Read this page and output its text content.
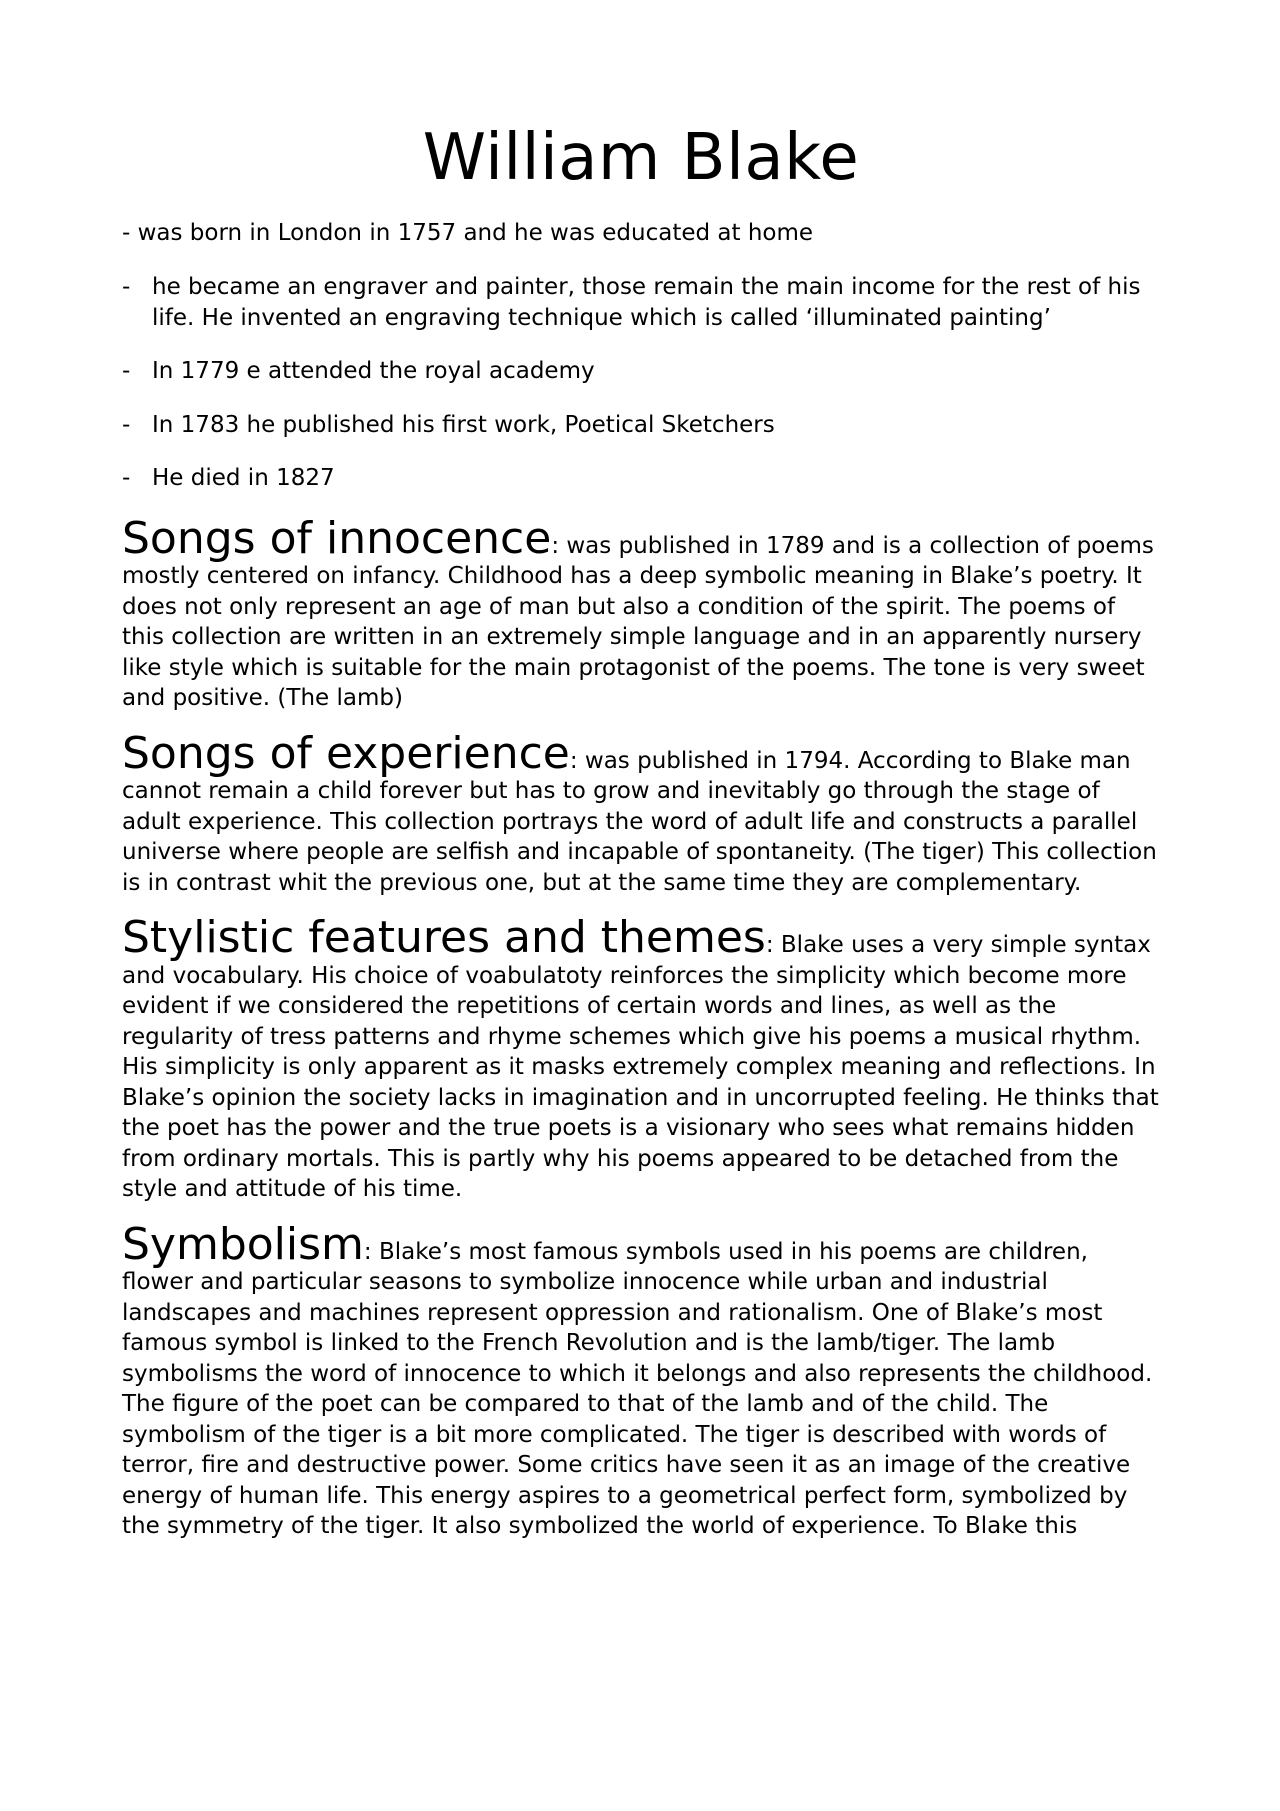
William Blake

- was born in London in 1757 and he was educated at home

- he became an engraver and painter, those remain the main income for the rest of his life. He invented an engraving technique which is called ‘illuminated painting’
- In 1779 e attended the royal academy
- In 1783 he published his first work, Poetical Sketchers
- He died in 1827

Songs of innocence: was published in 1789 and is a collection of poems mostly centered on infancy. Childhood has a deep symbolic meaning in Blake’s poetry. It does not only represent an age of man but also a condition of the spirit. The poems of this collection are written in an extremely simple language and in an apparently nursery like style which is suitable for the main protagonist of the poems. The tone is very sweet and positive. (The lamb)

Songs of experience: was published in 1794. According to Blake man cannot remain a child forever but has to grow and inevitably go through the stage of adult experience. This collection portrays the word of adult life and constructs a parallel universe where people are selfish and incapable of spontaneity. (The tiger) This collection is in contrast whit the previous one, but at the same time they are complementary.

Stylistic features and themes: Blake uses a very simple syntax and vocabulary. His choice of voabulatoty reinforces the simplicity which become more evident if we considered the repetitions of certain words and lines, as well as the regularity of tress patterns and rhyme schemes which give his poems a musical rhythm. His simplicity is only apparent as it masks extremely complex meaning and reflections. In Blake’s opinion the society lacks in imagination and in uncorrupted feeling. He thinks that the poet has the power and the true poets is a visionary who sees what remains hidden from ordinary mortals. This is partly why his poems appeared to be detached from the style and attitude of his time.

Symbolism: Blake’s most famous symbols used in his poems are children, flower and particular seasons to symbolize innocence while urban and industrial landscapes and machines represent oppression and rationalism. One of Blake’s most famous symbol is linked to the French Revolution and is the lamb/tiger. The lamb symbolisms the word of innocence to which it belongs and also represents the childhood. The figure of the poet can be compared to that of the lamb and of the child. The symbolism of the tiger is a bit more complicated. The tiger is described with words of terror, fire and destructive power. Some critics have seen it as an image of the creative energy of human life. This energy aspires to a geometrical perfect form, symbolized by the symmetry of the tiger. It also symbolized the world of experience. To Blake this
